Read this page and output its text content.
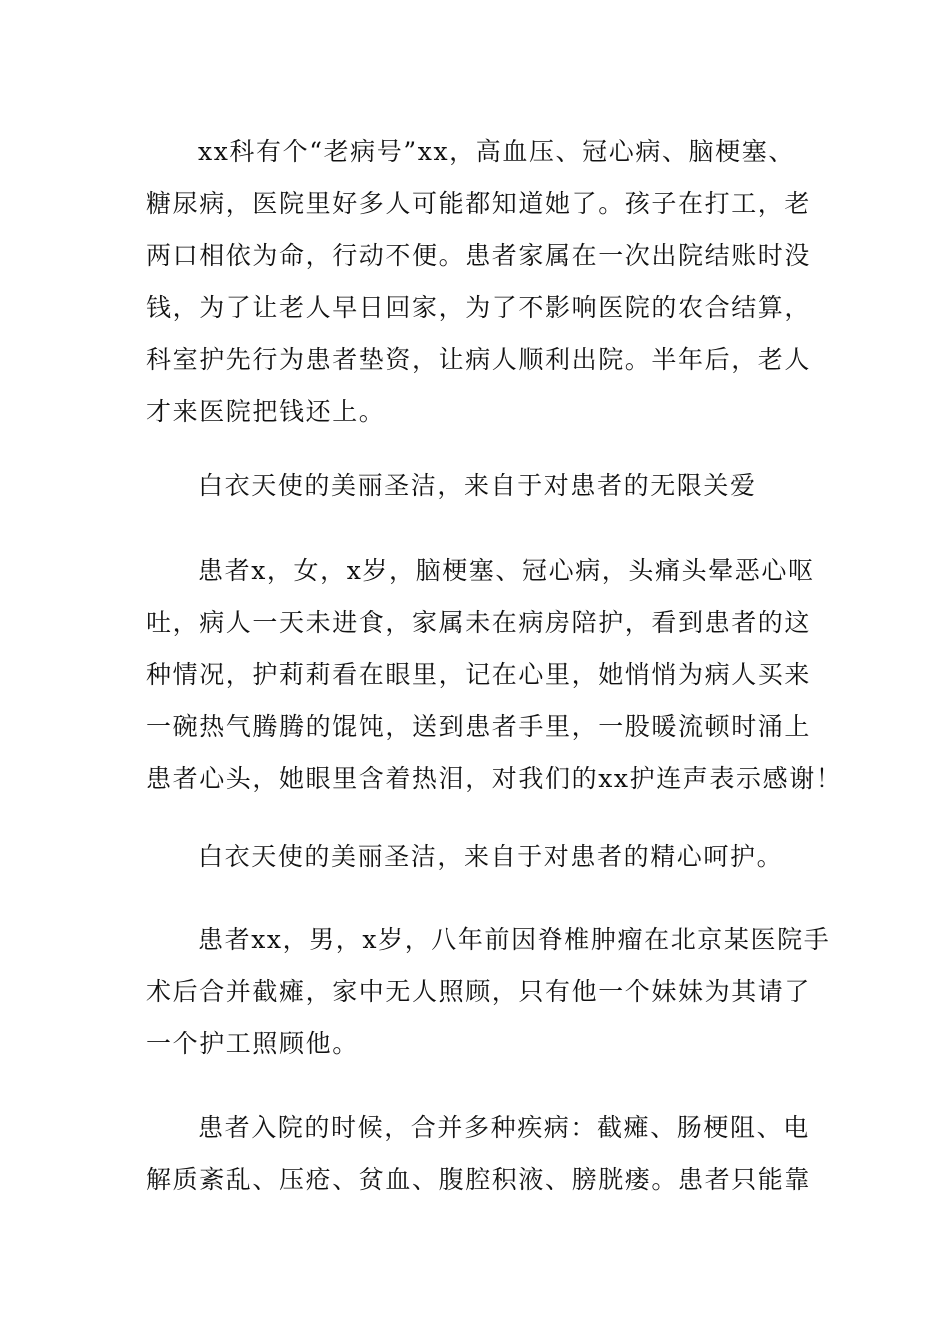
xx科有个“老病号”xx，高血压、冠心病、脑梗塞、
糖尿病，医院里好多人可能都知道她了。孩子在打工，老
两口相依为命，行动不便。患者家属在一次出院结账时没
钱，为了让老人早日回家，为了不影响医院的农合结算，
科室护先行为患者垫资，让病人顺利出院。半年后，老人
才来医院把钱还上。
白衣天使的美丽圣洁，来自于对患者的无限关爱
患者x，女，x岁，脑梗塞、冠心病，头痛头晕恶心呕
吐，病人一天未进食，家属未在病房陪护，看到患者的这
种情况，护莉莉看在眼里，记在心里，她悄悄为病人买来
一碗热气腾腾的馄饨，送到患者手里，一股暖流顿时涌上
患者心头，她眼里含着热泪，对我们的xx护连声表示感谢！
白衣天使的美丽圣洁，来自于对患者的精心呵护。
患者xx，男，x岁，八年前因脊椎肿瘤在北京某医院手
术后合并截瘫，家中无人照顾，只有他一个妹妹为其请了
一个护工照顾他。
患者入院的时候，合并多种疾病：截瘫、肠梗阻、电
解质紊乱、压疮、贫血、腹腔积液、膀胱瘘。患者只能靠
